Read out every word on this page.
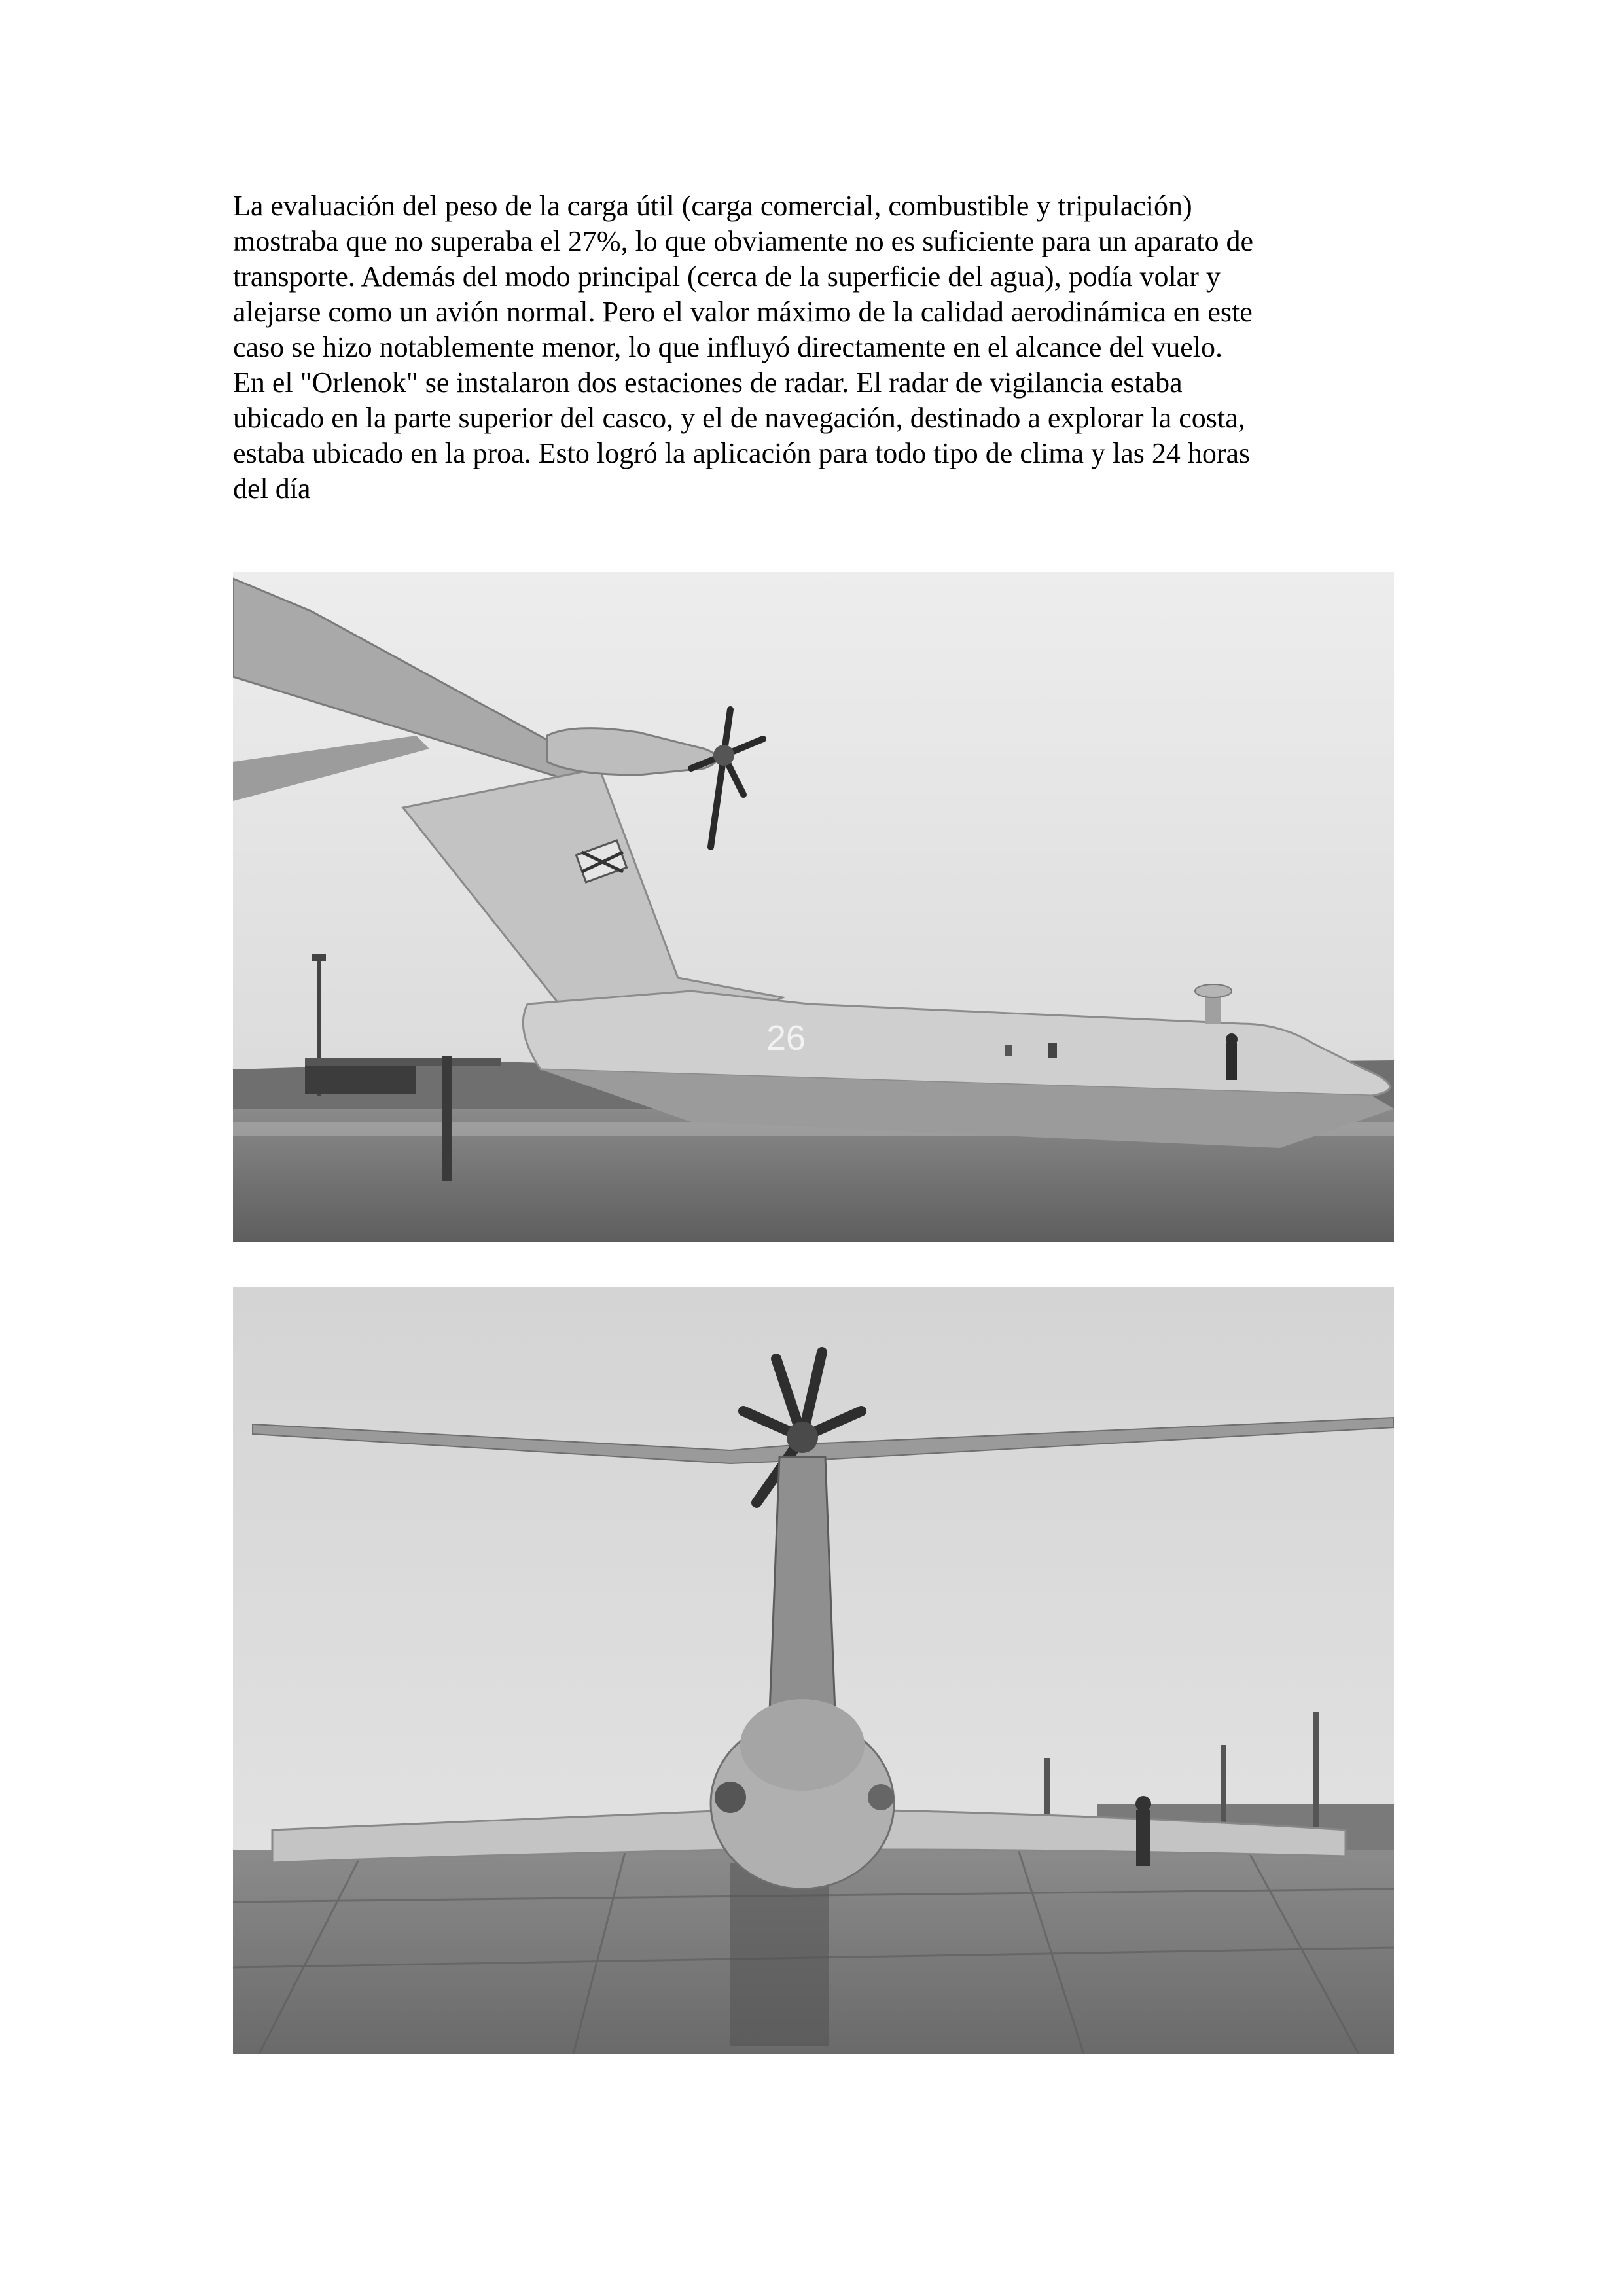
La evaluación del peso de la carga útil (carga comercial, combustible y tripulación)
mostraba que no superaba el 27%, lo que obviamente no es suficiente para un aparato de
transporte. Además del modo principal (cerca de la superficie del agua), podía volar y
alejarse como un avión normal. Pero el valor máximo de la calidad aerodinámica en este
caso se hizo notablemente menor, lo que influyó directamente en el alcance del vuelo.
En el "Orlenok" se instalaron dos estaciones de radar. El radar de vigilancia estaba
ubicado en la parte superior del casco, y el de navegación, destinado a explorar la costa,
estaba ubicado en la proa. Esto logró la aplicación para todo tipo de clima y las 24 horas
del día
26
